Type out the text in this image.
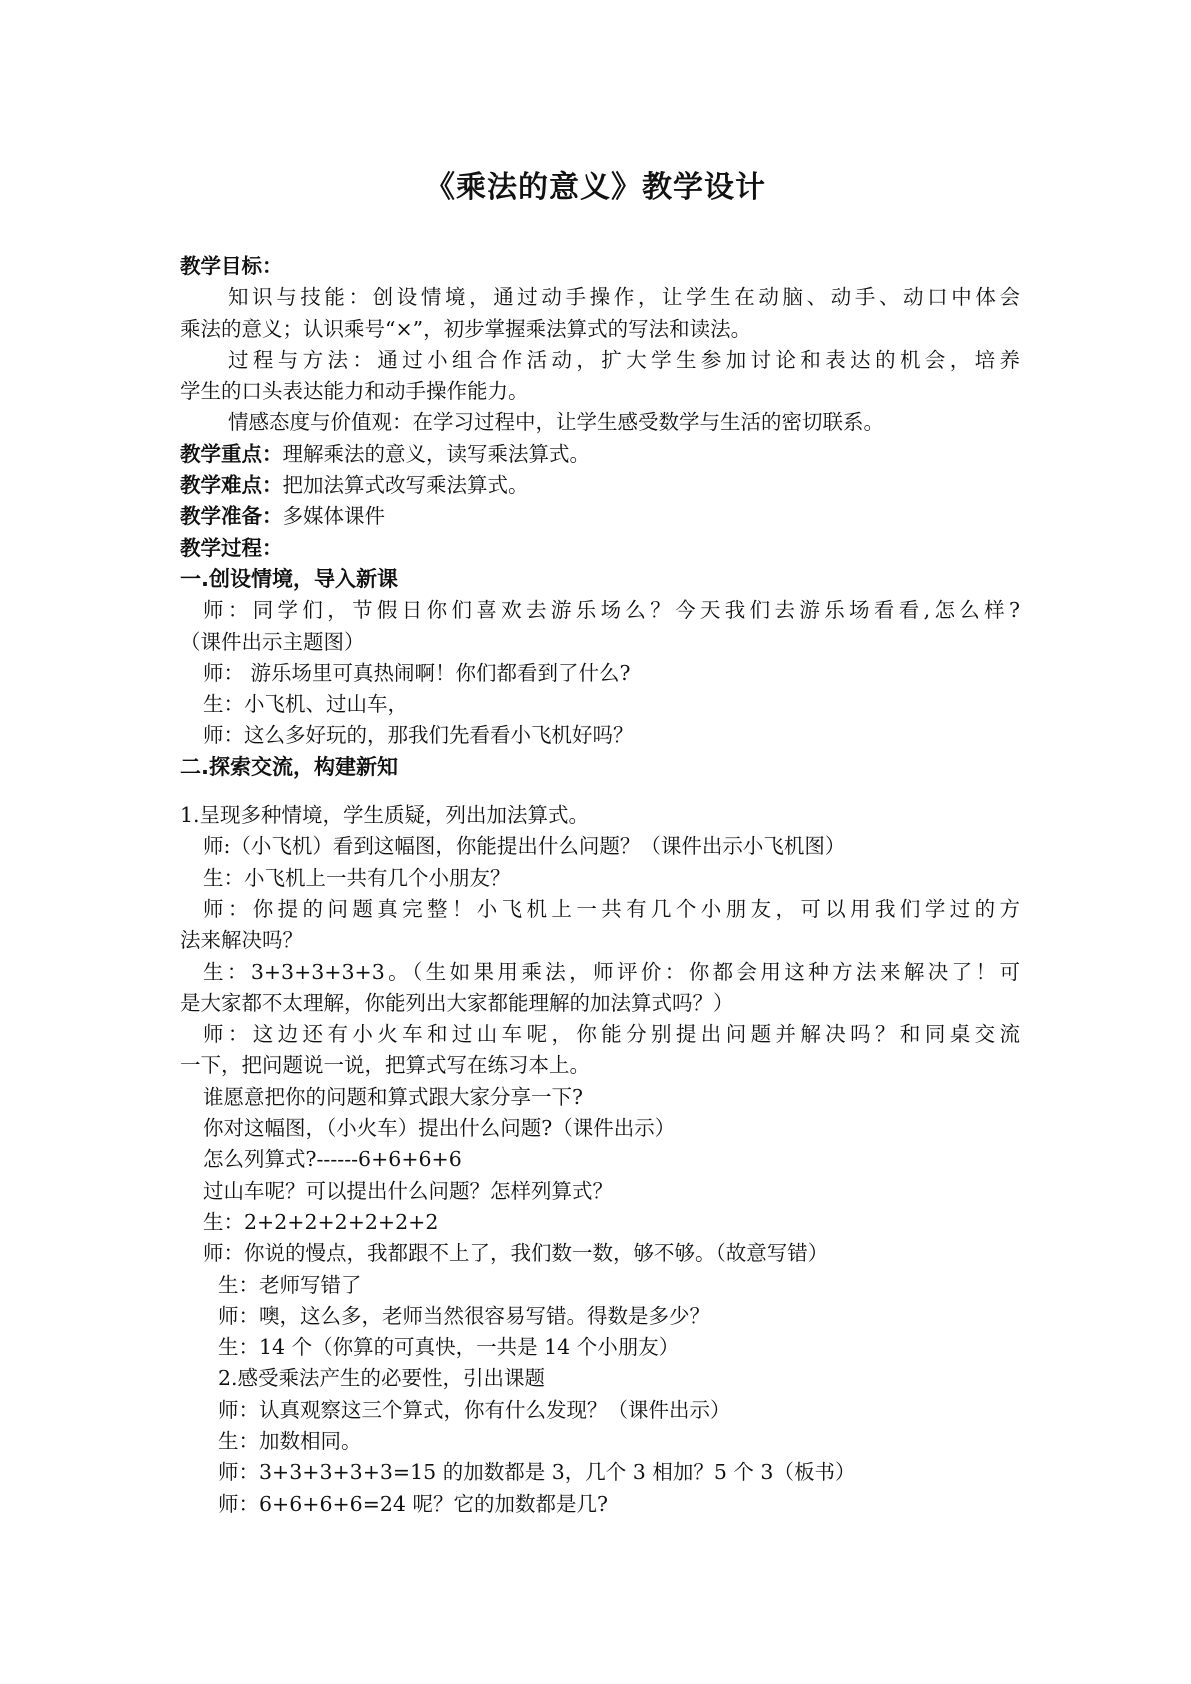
《乘法的意义》教学设计
教学目标：
知识与技能：创设情境，通过动手操作，让学生在动脑、动手、动口中体会
乘法的意义；认识乘号“×”，初步掌握乘法算式的写法和读法。
过程与方法：通过小组合作活动，扩大学生参加讨论和表达的机会，培养
学生的口头表达能力和动手操作能力。
情感态度与价值观：在学习过程中，让学生感受数学与生活的密切联系。
教学重点：理解乘法的意义，读写乘法算式。
教学难点：把加法算式改写乘法算式。
教学准备：多媒体课件
教学过程：
一.创设情境，导入新课
师：同学们，节假日你们喜欢去游乐场么？今天我们去游乐场看看,怎么样?
（课件出示主题图）
师： 游乐场里可真热闹啊！你们都看到了什么?
生：小飞机、过山车，
师：这么多好玩的，那我们先看看小飞机好吗？
二.探索交流，构建新知
1.呈现多种情境，学生质疑，列出加法算式。
师:（小飞机）看到这幅图，你能提出什么问题？（课件出示小飞机图）
生：小飞机上一共有几个小朋友？
师：你提的问题真完整！小飞机上一共有几个小朋友，可以用我们学过的方
法来解决吗？
生：3+3+3+3+3。（生如果用乘法，师评价：你都会用这种方法来解决了！可
是大家都不太理解，你能列出大家都能理解的加法算式吗？）
师：这边还有小火车和过山车呢，你能分别提出问题并解决吗？和同桌交流
一下，把问题说一说，把算式写在练习本上。
谁愿意把你的问题和算式跟大家分享一下?
你对这幅图，（小火车）提出什么问题?（课件出示）
怎么列算式?------6+6+6+6
过山车呢？可以提出什么问题？怎样列算式？
生：2+2+2+2+2+2+2
师：你说的慢点，我都跟不上了，我们数一数，够不够。（故意写错）
生：老师写错了
师：噢，这么多，老师当然很容易写错。得数是多少？
生：14 个（你算的可真快，一共是 14 个小朋友）
2.感受乘法产生的必要性，引出课题
师：认真观察这三个算式，你有什么发现？（课件出示）
生：加数相同。
师：3+3+3+3+3=15 的加数都是 3，几个 3 相加？5 个 3（板书）
师：6+6+6+6=24 呢？它的加数都是几?
